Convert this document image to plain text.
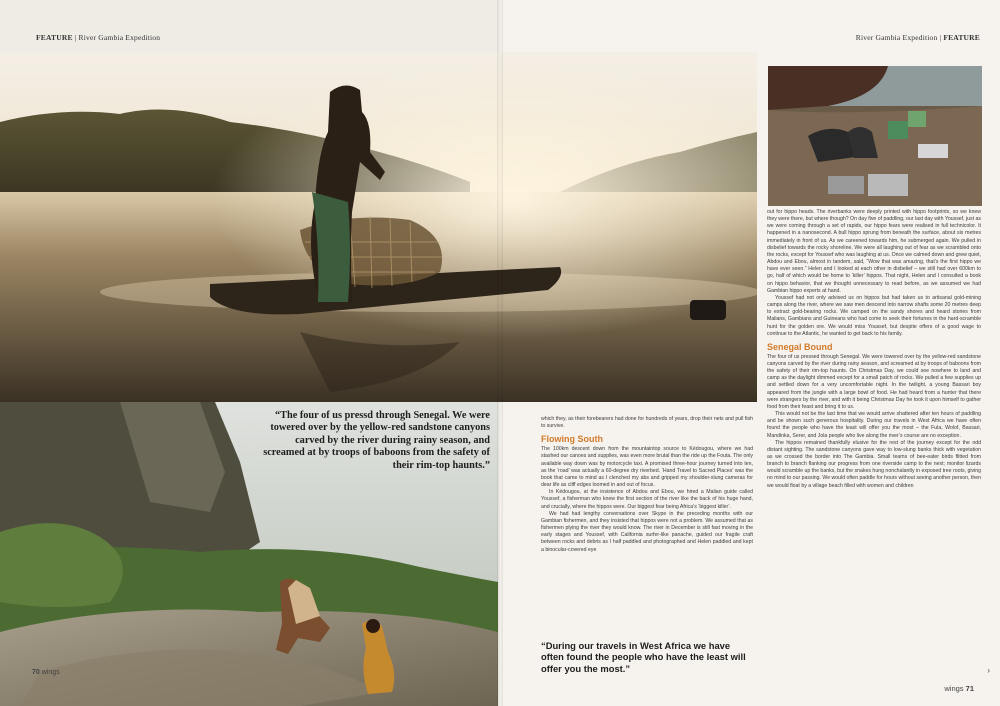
FEATURE | River Gambia Expedition	River Gambia Expedition | FEATURE
“The four of us pressd through Senegal. We were towered over by the yellow-red sandstone canyons carved by the river during rainy season, and screamed at by troops of baboons from the safety of their rim-top haunts.”

which they, as their forebearers had done for hundreds of years, drop their nets and pull fish to survive.

Flowing South

The 100km descent down from the mountaintop source to Kédougou, where we had stashed our canoes and supplies, was even more brutal than the ride up the Fouta. The only available way down was by motorcycle taxi. A promised three-hour journey turned into ten, as the ‘road’ was actually a 60-degree dry riverbed. ‘Hand Travel to Sacred Places’ was the book that came to mind as I clenched my abs and gripped my shoulder-slung cameras for dear life as cliff edges loomed in and out of focus.

In Kédougou, at the insistence of Abdou and Ebou, we hired a Malian guide called Youssef, a fisherman who knew the first section of the river like the back of his huge hand, and crucially, where the hippos were. Our biggest fear being Africa’s ‘biggest killer’.

We had had lengthy conversations over Skype in the preceding months with our Gambian fishermen, and they insisted that hippos were not a problem. We assumed that as fishermen plying the river they would know. The river in December is still fast moving in the early stages and Youssef, with California surfer-like panache, guided our fragile craft between rocks and debris as I half paddled and photographed and Helen paddled and kept a binocular-covered eye

“During our travels in West Africa we have often found the people who have the least will offer you the most.”

out for hippo heads. The riverbanks were deeply printed with hippo footprints, so we knew they were there, but where though? On day five of paddling, our last day with Youssef, just as we were coming through a set of rapids, our hippo fears were realised in full technicolor. It happened in a nanosecond. A bull hippo sprung from beneath the surface, about six metres immediately in front of us. As we careened towards him, he submerged again. We pulled in disbelief towards the rocky shoreline. We were all laughing out of fear as we scrambled onto the rocks, except for Youssef who was laughing at us. Once we calmed down and grew quiet, Abdou and Ebou, almost in tandem, said, “Wow that was amazing, that’s the first hippo we have ever seen.” Helen and I looked at each other in disbelief – we still had over 600km to go, half of which would be home to ‘killer’ hippos. That night, Helen and I consulted a book on hippo behavior, that we thought unnecessary to read before, as we assumed we had Gambian hippo experts at hand.

Youssef had not only advised us on hippos but had taken us to artisanal gold-mining camps along the river, where we saw men descend into narrow shafts some 20 metres deep to extract gold-bearing rocks. We camped on the sandy shores and heard stories from Malians, Gambians and Guineans who had come to seek their fortunes in the hard-scramble hunt for the golden ore. We would miss Youssef, but despite offers of a good wage to continue to the Atlantic, he wanted to get back to his family.

Senegal Bound

The four of us pressed through Senegal. We were towered over by the yellow-red sandstone canyons carved by the river during rainy season, and screamed at by troops of baboons from the safety of their rim-top haunts. On Christmas Day, we could see nowhere to land and camp as the daylight dimmed except for a small patch of rocks. We pulled a few supplies up and settled down for a very uncomfortable night. In the twilight, a young Bassari boy appeared from the jungle with a large bowl of food. He had heard from a hunter that there were strangers by the river, and with it being Christmas Day he took it upon himself to gather food from their feast and bring it to us.

This would not be the last time that we would arrive shattered after ten hours of paddling and be shown such generous hospitality. During our travels in West Africa we have often found the people who have the least will offer you the most – the Fula, Wolof, Bassari, Mandinka, Serer, and Jola people who live along the river’s course are no exception.

The hippos remained thankfully elusive for the rest of the journey except for the odd distant sighting. The sandstone canyons gave way to low-slung banks thick with vegetation as we crossed the border into The Gambia. Small teams of bee-eater birds flitted from branch to branch flanking our progress from one riverside camp to the next; monitor lizards would scramble up the banks, but the snakes hung nonchalantly in exposed tree roots, giving no mind to our passing. We would often paddle for hours without seeing another person, then we would float by a village beach filled with women and children

70 wings
wings 71
›
